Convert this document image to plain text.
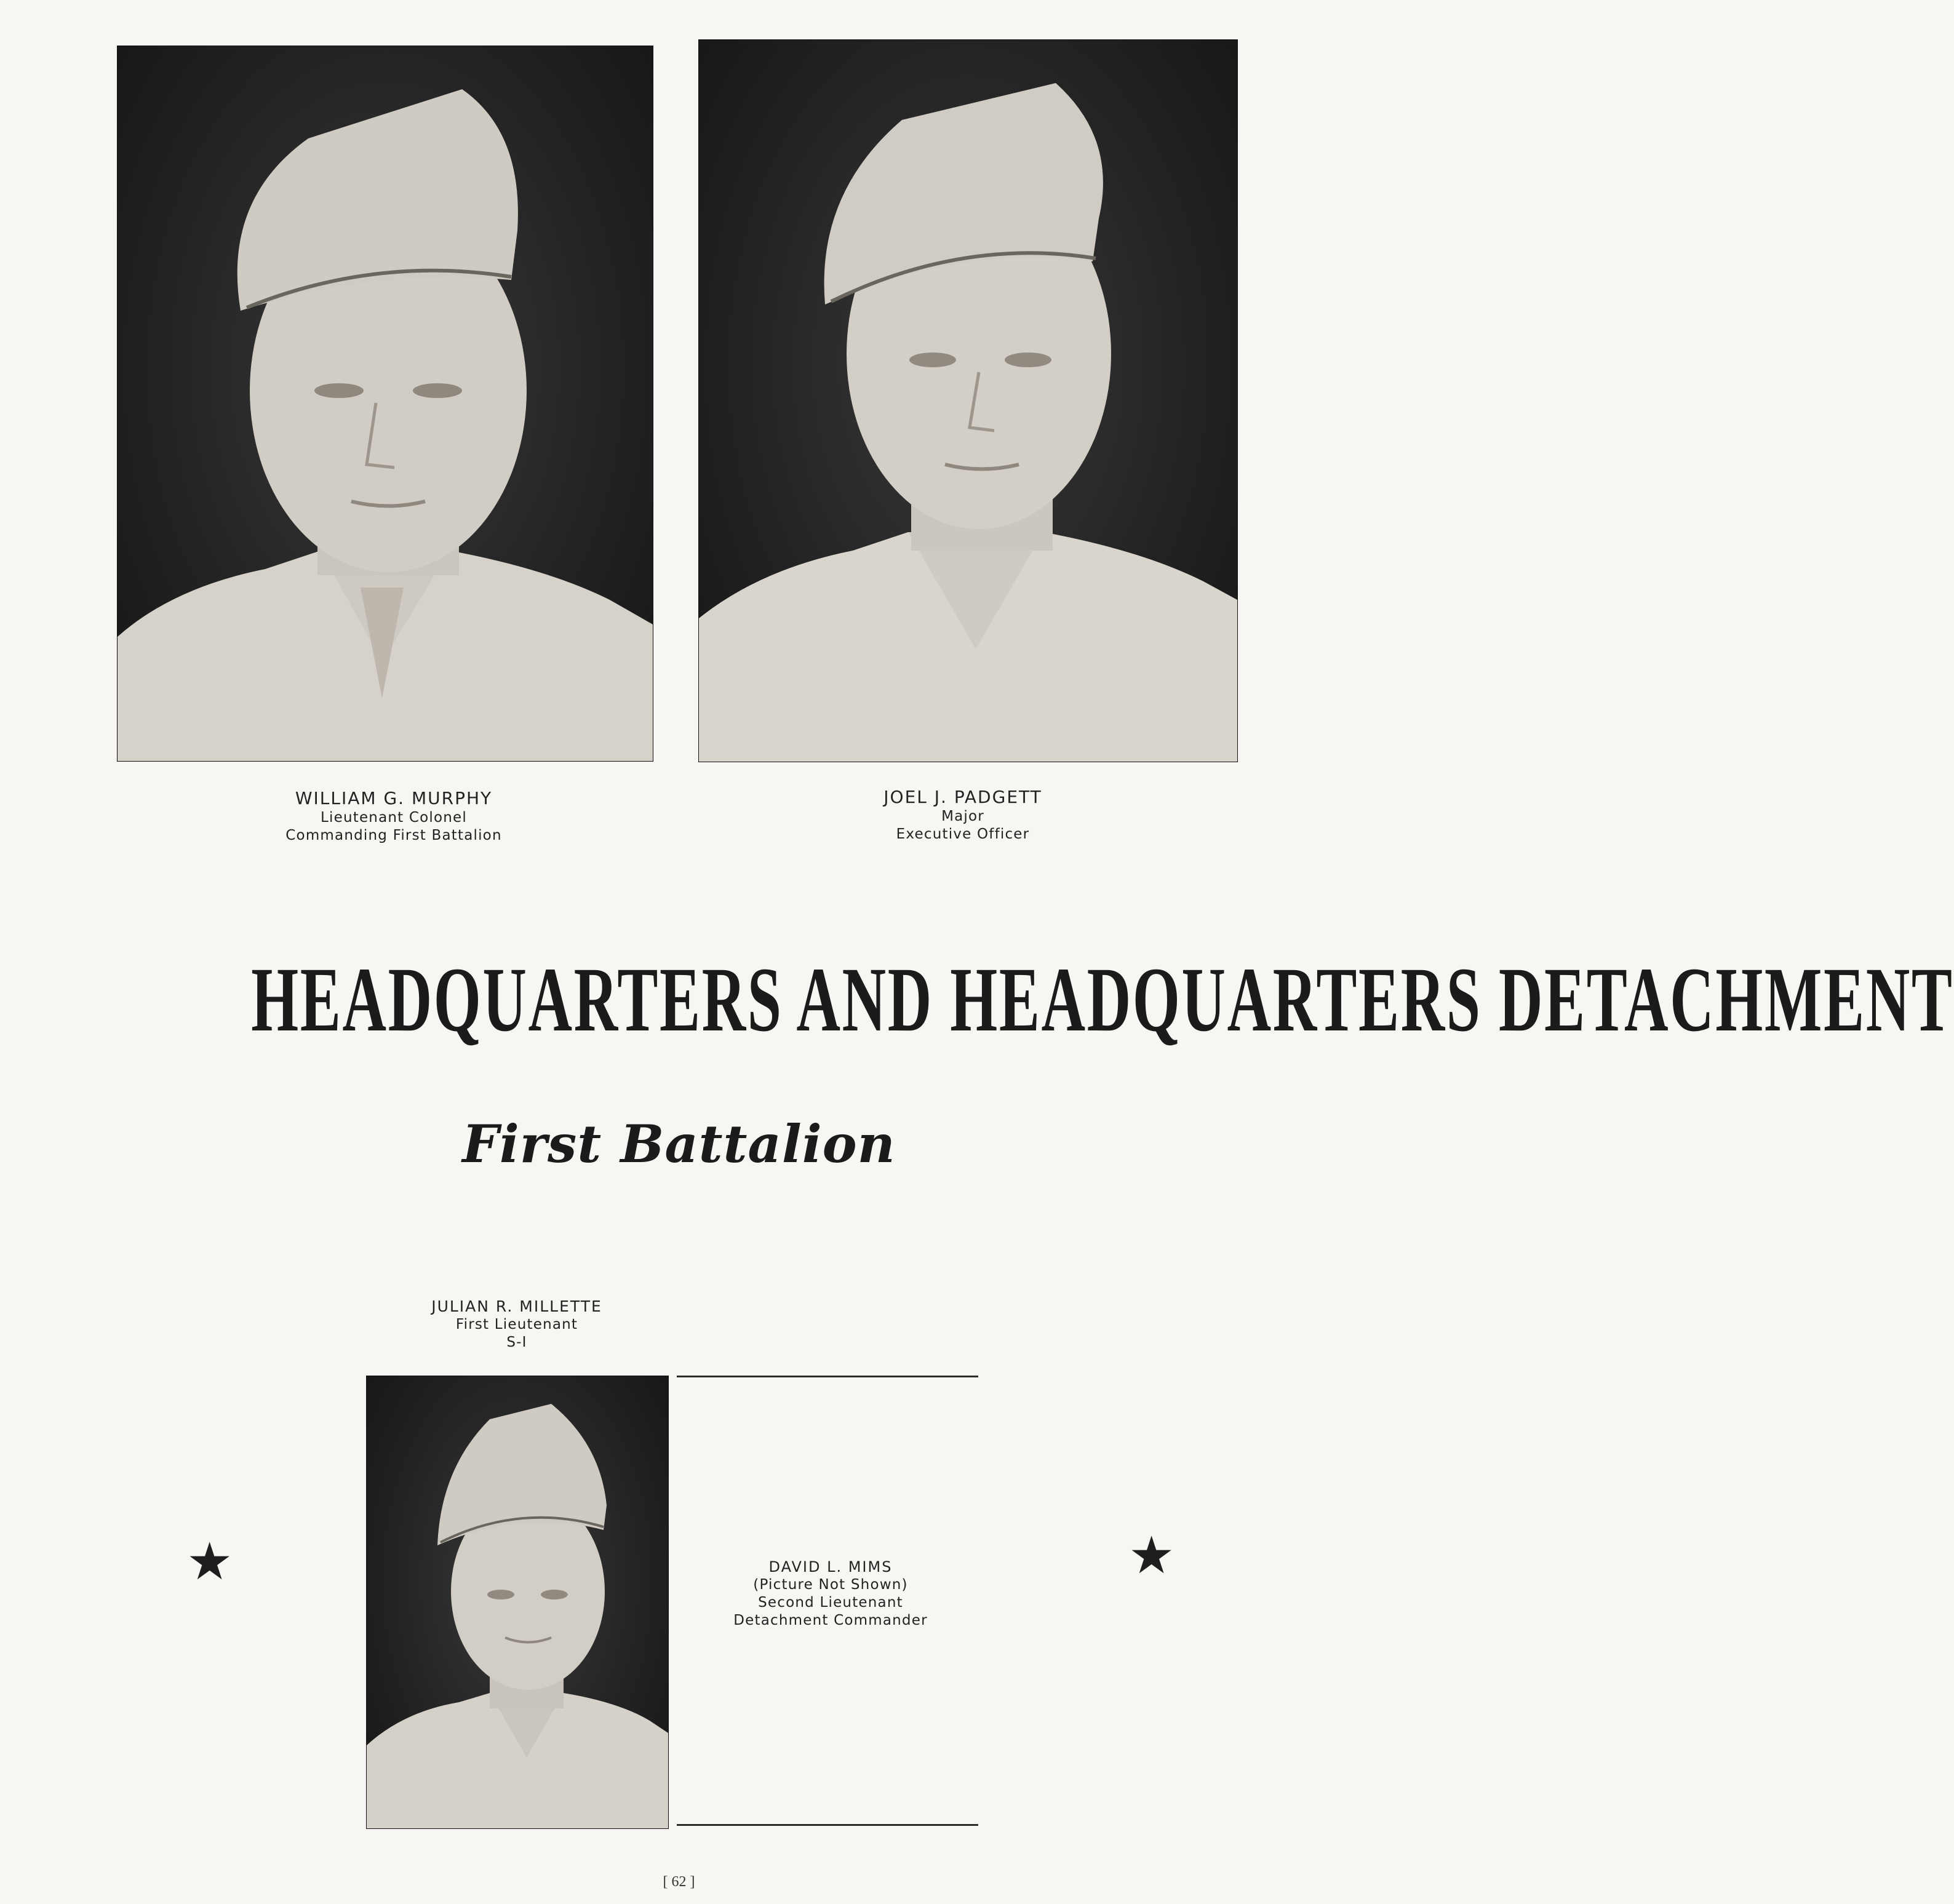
WILLIAM G. MURPHY
Lieutenant Colonel
Commanding First Battalion
JOEL J. PADGETT
Major
Executive Officer
HEADQUARTERS AND HEADQUARTERS DETACHMENT
First Battalion
JULIAN R. MILLETTE
First Lieutenant
S-I
DAVID L. MIMS
(Picture Not Shown)
Second Lieutenant
Detachment Commander
★	★
[ 62 ]
